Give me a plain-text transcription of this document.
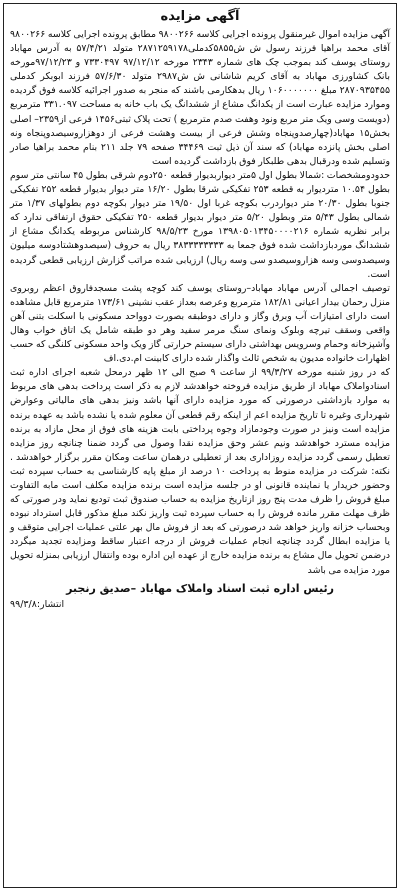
آگهی مزایده
آگهی مزایده اموال غیرمنقول پرونده اجرایی کلاسه ۹۸۰۰۲۶۶ مطابق پرونده اجرایی کلاسه ۹۸۰۰۲۶۶ آقای محمد براهیا فرزند رسول ش ش۵۸۵۵کدملی۲۸۷۱۲۵۹۱۷۸ متولد ۵۷/۴/۲۱ به آدرس مهاباد روستای یوسف کند بموجب چک های شماره ۲۳۴۳ مورخه ۹۷/۱۲/۱۲ ۷۳۳۰۴۹۷ و ۹۷/۱۲/۲۳مورخه بانک کشاورزی مهاباد به آقای کریم شاشانی ش ش۲۹۸۷ متولد ۵۷/۶/۳۰ فرزند ابوبکر کدملی ۲۸۷۰۹۳۵۴۵۵ مبلغ ۱۰۶۰۰۰۰۰۰۰ ریال بدهکارمی باشند که منجر به صدور اجرائیه کلاسه فوق گردیده وموارد مزایده عبارت است از یکدانگ مشاع از ششدانگ یک باب خانه به مساحت ۳۳۱.۰۹۷ مترمربع (دویست وسی ویک متر مربع ونود وهفت صدم مترمربع ) تحت پلاک ثبتی۱۴۵۶ فرعی از۲۳۵۹– اصلی بخش۱۵ مهاباد(چهارصدوپنجاه وشش فرعی از بیست وهشت فرعی از دوهزاروسیصدوپنجاه ونه اصلی بخش پانزده مهاباد) که سند آن ذیل ثبت ۳۴۴۶۹ صفحه ۷۹ جلد ۲۱۱ بنام محمد براهیا صادر وتسلیم شده ودرقبال بدهی طلبکار فوق بازداشت گردیده است
حدودومشخصات :شمالا بطول اول ۵متر دیواربدیوار قطعه ۲۵۰دوم شرقی بطول ۴۵ سانتی متر سوم بطول ۱۰.۵۴ متردیوار به قطعه ۲۵۳ تفکیکی شرقا بطول ۱۶/۲۰ متر دیوار بدیوار قطعه ۲۵۲ تفکیکی جنوبا بطول ۲۰/۳۰ متر دیواردرب بکوچه غربا اول ۱۹/۵۰ متر دیوار بکوچه دوم بطولهای ۱/۳۷ متر شمالی بطول ۵/۴۳ متر وبطول ۵/۲۰ متر دیوار بدیوار قطعه ۲۵۰ تفکیکی حقوق ارتفاقی ندارد که برابر نظریه شماره ۱۳۹۸۰۵۰۱۳۴۵۰۰۰۰۲۱۶ مورخ ۹۸/۵/۲۳ کارشناس مربوطه یکدانگ مشاع از ششدانگ موردبازداشت شده فوق جمعا به ۳۸۳۳۳۳۳۳۳۳ ریال به حروف (سیصدوهشتادوسه میلیون وسیصدوسی وسه هزاروسیصدو سی وسه ریال) ارزیابی شده مراتب گزارش ارزیابی قطعی گردیده است.
توصیف اجمالی آدرس مهاباد مهاباد–روستای یوسف کند کوچه پشت مسجدفاروق اعظم روبروی منزل رحمان بیدار اعیانی ۱۸۲/۸۱ مترمربع وعرصه بعداز عقب نشینی ۱۷۳/۶۱ مترمربع قابل مشاهده است دارای امتیازات آب وبرق وگاز و دارای دوطبقه بصورت دوواحد مسکونی با اسکلت بتنی آهن واقعی وسقف تیرچه وبلوک ونمای سنگ مرمر سفید وهر دو طبقه شامل یک اتاق خواب وهال وآشپزخانه وحمام وسرویس بهداشتی دارای سیستم حرارتی گاز ویک واحد مسکونی کلنگی که حسب اظهارات خانواده مدیون به شخص ثالث واگذار شده دارای کابینت ام.دی.اف
که در روز شنبه مورخه ۹۹/۳/۲۷ از ساعت ۹ صبح الی ۱۲ ظهر درمحل شعبه اجرای اداره ثبت اسنادواملاک مهاباد از طریق مزایده فروخته خواهدشد لازم به ذکر است پرداخت بدهی های مربوط به موارد بازداشتی درصورتی که مورد مزایده دارای آنها باشد ونیز بدهی های مالیاتی وعوارض شهرداری وغیره تا تاریخ مزایده اعم از اینکه رقم قطعی آن معلوم شده یا نشده باشد به عهده برنده مزایده است ونیز در صورت وجودمازاد وجوه پرداختی بابت هزینه های فوق از محل مازاد به برنده مزایده مسترد خواهدشد ونیم عشر وحق مزایده نقدا وصول می گردد ضمنا چنانچه روز مزایده تعطیل رسمی گردد مزایده روزاداری بعد از تعطیلی درهمان ساعت ومکان مقرر برگزار خواهدشد . نکته: شرکت در مزایده منوط به پرداخت ۱۰ درصد از مبلغ پایه کارشناسی به حساب سپرده ثبت وحضور خریدار یا نماینده قانونی او در جلسه مزایده است برنده مزایده مکلف است مابه التفاوت مبلغ فروش را ظرف مدت پنج روز ازتاریخ مزایده به حساب صندوق ثبت تودیع نماید ودر صورتی که ظرف مهلت مقرر مانده فروش را به حساب سپرده ثبت واریز نکند مبلغ مذکور قابل استرداد نبوده وبحساب خزانه واریز خواهد شد درصورتی که بعد از فروش مال بهر علتی عملیات اجرایی متوقف و یا مزایده ابطال گردد چنانچه انجام عملیات فروش از درجه اعتبار ساقط ومزایده تجدید میگردد درضمن تحویل مال مشاع به برنده مزایده خارج از عهده این اداره بوده وانتقال ارزیابی بمنزله تحویل مورد مزایده می باشد
رئیس اداره ثبت اسناد واملاک مهاباد –صدیق رنجبر
انتشار:۹۹/۳/۸
